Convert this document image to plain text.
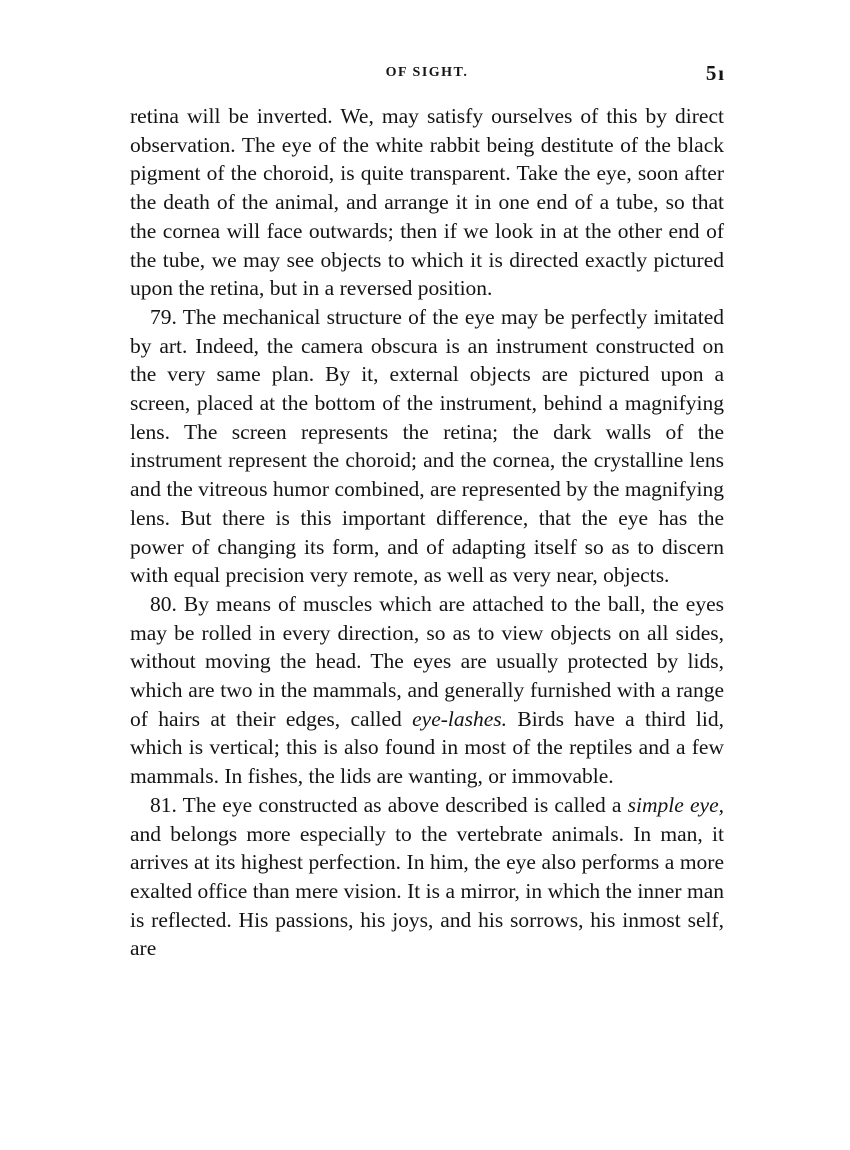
OF SIGHT.	5 ı

retina will be inverted. We, may satisfy ourselves of this by direct observation. The eye of the white rabbit being destitute of the black pigment of the choroid, is quite transparent. Take the eye, soon after the death of the animal, and arrange it in one end of a tube, so that the cornea will face outwards; then if we look in at the other end of the tube, we may see objects to which it is directed exactly pictured upon the retina, but in a reversed position.

79. The mechanical structure of the eye may be perfectly imitated by art. Indeed, the camera obscura is an instrument constructed on the very same plan. By it, external objects are pictured upon a screen, placed at the bottom of the instrument, behind a magnifying lens. The screen represents the retina; the dark walls of the instrument represent the choroid; and the cornea, the crystalline lens and the vitreous humor combined, are represented by the magnifying lens. But there is this important difference, that the eye has the power of changing its form, and of adapting itself so as to discern with equal precision very remote, as well as very near, objects.

80. By means of muscles which are attached to the ball, the eyes may be rolled in every direction, so as to view objects on all sides, without moving the head. The eyes are usually protected by lids, which are two in the mammals, and generally furnished with a range of hairs at their edges, called eye-lashes. Birds have a third lid, which is vertical; this is also found in most of the reptiles and a few mammals. In fishes, the lids are wanting, or immovable.

81. The eye constructed as above described is called a simple eye, and belongs more especially to the vertebrate animals. In man, it arrives at its highest perfection. In him, the eye also performs a more exalted office than mere vision. It is a mirror, in which the inner man is reflected. His passions, his joys, and his sorrows, his inmost self, are
